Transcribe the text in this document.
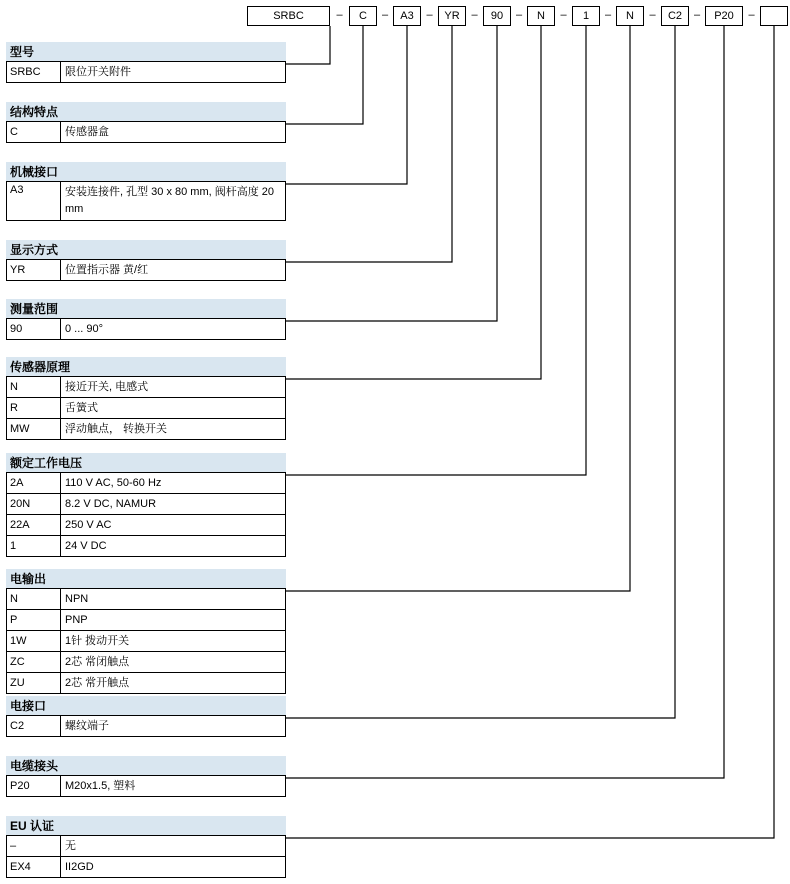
型号
SRBC	限位开关附件
结构特点
C	传感器盒
机械接口
A3	安装连接件, 孔型 30 x 80 mm, 阀杆高度 20 mm
显示方式
YR	位置指示器 黄/红
测量范围
90	0 ... 90°
传感器原理
N	接近开关, 电感式
R	舌簧式
MW	浮动触点， 转换开关
额定工作电压
2A	110 V AC, 50-60 Hz
20N	8.2 V DC, NAMUR
22A	250 V AC
1	24 V DC
电输出
N	NPN
P	PNP
1W	1针 拨动开关
ZC	2芯 常闭触点
ZU	2芯 常开触点
电接口
C2	螺纹端子
电缆接头
P20	M20x1.5, 塑料
EU 认证
–	无
EX4	II2GD
SRBC	–	C	–	A3	–	YR	–	90	–	N	–	1	–	N	–	C2	–	P20	–
